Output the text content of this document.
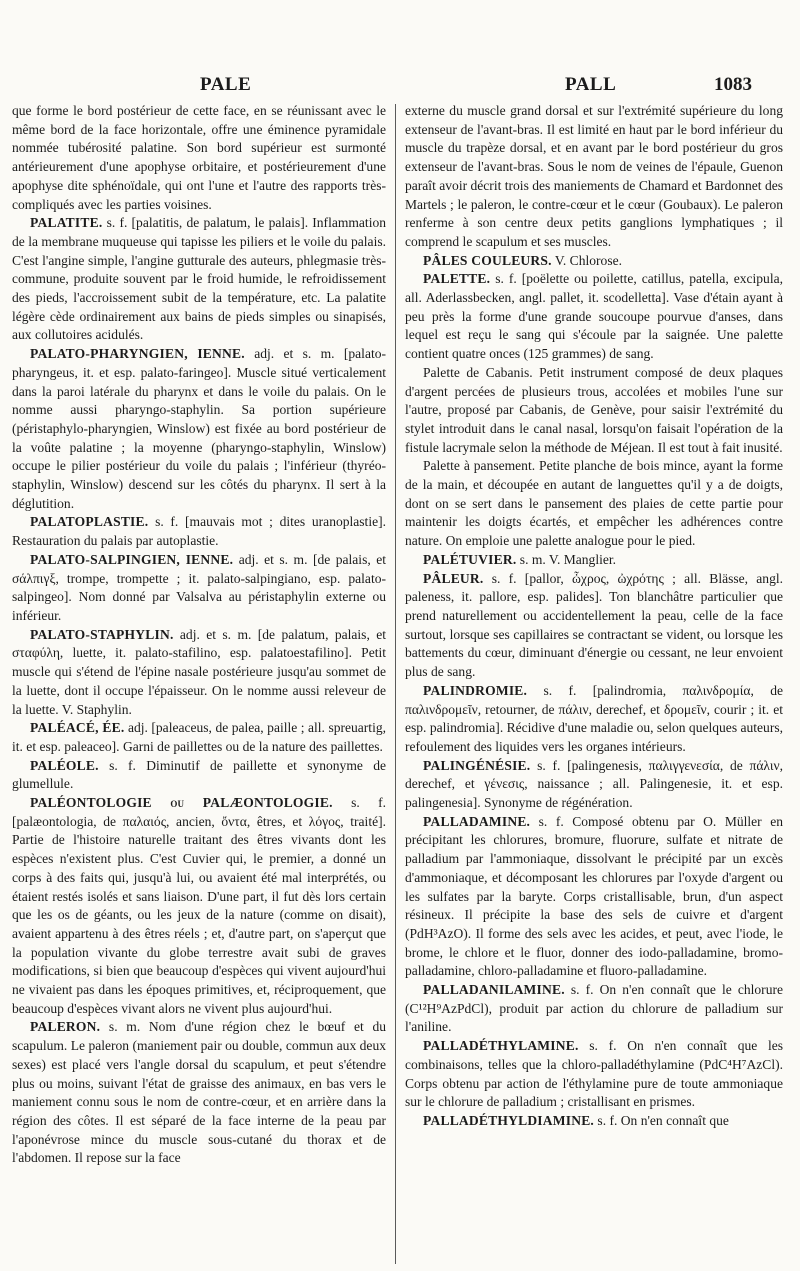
PALE	PALL	1083

que forme le bord postérieur de cette face, en se réunissant avec le même bord de la face horizontale, offre une éminence pyramidale nommée tubérosité palatine. Son bord supérieur est surmonté antérieurement d'une apophyse orbitaire, et postérieurement d'une apophyse dite sphénoïdale, qui ont l'une et l'autre des rapports très-compliqués avec les parties voisines.

PALATITE. s. f. [palatitis, de palatum, le palais]. Inflammation de la membrane muqueuse qui tapisse les piliers et le voile du palais. C'est l'angine simple, l'angine gutturale des auteurs, phlegmasie très-commune, produite souvent par le froid humide, le refroidissement des pieds, l'accroissement subit de la température, etc. La palatite légère cède ordinairement aux bains de pieds simples ou sinapisés, aux collutoires acidulés.

PALATO-PHARYNGIEN, IENNE. adj. et s. m. [palato-pharyngeus, it. et esp. palato-faringeo]. Muscle situé verticalement dans la paroi latérale du pharynx et dans le voile du palais. On le nomme aussi pharyngo-staphylin. Sa portion supérieure (péristaphylo-pharyngien, Winslow) est fixée au bord postérieur de la voûte palatine ; la moyenne (pharyngo-staphylin, Winslow) occupe le pilier postérieur du voile du palais ; l'inférieur (thyréo-staphylin, Winslow) descend sur les côtés du pharynx. Il sert à la déglutition.

PALATOPLASTIE. s. f. [mauvais mot ; dites uranoplastie]. Restauration du palais par autoplastie.

PALATO-SALPINGIEN, IENNE. adj. et s. m. [de palais, et σάλπιγξ, trompe, trompette ; it. palato-salpingiano, esp. palato-salpingeo]. Nom donné par Valsalva au péristaphylin externe ou inférieur.

PALATO-STAPHYLIN. adj. et s. m. [de palatum, palais, et σταφύλη, luette, it. palato-stafilino, esp. palatoestafilino]. Petit muscle qui s'étend de l'épine nasale postérieure jusqu'au sommet de la luette, dont il occupe l'épaisseur. On le nomme aussi releveur de la luette. V. Staphylin.

PALÉACÉ, ÉE. adj. [paleaceus, de palea, paille ; all. spreuartig, it. et esp. paleaceo]. Garni de paillettes ou de la nature des paillettes.

PALÉOLE. s. f. Diminutif de paillette et synonyme de glumellule.

PALÉONTOLOGIE ou PALÆONTOLOGIE. s. f. [palæontologia, de παλαιός, ancien, ὄντα, êtres, et λόγος, traité]. Partie de l'histoire naturelle traitant des êtres vivants dont les espèces n'existent plus. C'est Cuvier qui, le premier, a donné un corps à des faits qui, jusqu'à lui, ou avaient été mal interprétés, ou étaient restés isolés et sans liaison. D'une part, il fut dès lors certain que les os de géants, ou les jeux de la nature (comme on disait), avaient appartenu à des êtres réels ; et, d'autre part, on s'aperçut que la population vivante du globe terrestre avait subi de graves modifications, si bien que beaucoup d'espèces qui vivent aujourd'hui ne vivaient pas dans les époques primitives, et, réciproquement, que beaucoup d'espèces vivant alors ne vivent plus aujourd'hui.

PALERON. s. m. Nom d'une région chez le bœuf et du scapulum. Le paleron (maniement pair ou double, commun aux deux sexes) est placé vers l'angle dorsal du scapulum, et peut s'étendre plus ou moins, suivant l'état de graisse des animaux, en bas vers le maniement connu sous le nom de contre-cœur, et en arrière dans la région des côtes. Il est séparé de la face interne de la peau par l'aponévrose mince du muscle sous-cutané du thorax et de l'abdomen. Il repose sur la face

externe du muscle grand dorsal et sur l'extrémité supérieure du long extenseur de l'avant-bras. Il est limité en haut par le bord inférieur du muscle du trapèze dorsal, et en avant par le bord postérieur du gros extenseur de l'avant-bras. Sous le nom de veines de l'épaule, Guenon paraît avoir décrit trois des maniements de Chamard et Bardonnet des Martels ; le paleron, le contre-cœur et le cœur (Goubaux). Le paleron renferme à son centre deux petits ganglions lymphatiques ; il comprend le scapulum et ses muscles.

PÂLES COULEURS. V. Chlorose.

PALETTE. s. f. [poëlette ou poilette, catillus, patella, excipula, all. Aderlassbecken, angl. pallet, it. scodelletta]. Vase d'étain ayant à peu près la forme d'une grande soucoupe pourvue d'anses, dans lequel est reçu le sang qui s'écoule par la saignée. Une palette contient quatre onces (125 grammes) de sang.

Palette de Cabanis. Petit instrument composé de deux plaques d'argent percées de plusieurs trous, accolées et mobiles l'une sur l'autre, proposé par Cabanis, de Genève, pour saisir l'extrémité du stylet introduit dans le canal nasal, lorsqu'on faisait l'opération de la fistule lacrymale selon la méthode de Méjean. Il est tout à fait inusité.

Palette à pansement. Petite planche de bois mince, ayant la forme de la main, et découpée en autant de languettes qu'il y a de doigts, dont on se sert dans le pansement des plaies de cette partie pour maintenir les doigts écartés, et empêcher les adhérences contre nature. On emploie une palette analogue pour le pied.

PALÉTUVIER. s. m. V. Manglier.

PÂLEUR. s. f. [pallor, ὦχρος, ὠχρότης ; all. Blässe, angl. paleness, it. pallore, esp. palides]. Ton blanchâtre particulier que prend naturellement ou accidentellement la peau, celle de la face surtout, lorsque ses capillaires se contractant se vident, ou lorsque les battements du cœur, diminuant d'énergie ou cessant, ne leur envoient plus de sang.

PALINDROMIE. s. f. [palindromia, παλινδρομία, de παλινδρομεῖν, retourner, de πάλιν, derechef, et δρομεῖν, courir ; it. et esp. palindromia]. Récidive d'une maladie ou, selon quelques auteurs, refoulement des liquides vers les organes intérieurs.

PALINGÉNÉSIE. s. f. [palingenesis, παλιγγενεσία, de πάλιν, derechef, et γένεσις, naissance ; all. Palingenesie, it. et esp. palingenesia]. Synonyme de régénération.

PALLADAMINE. s. f. Composé obtenu par O. Müller en précipitant les chlorures, bromure, fluorure, sulfate et nitrate de palladium par l'ammoniaque, dissolvant le précipité par un excès d'ammoniaque, et décomposant les chlorures par l'oxyde d'argent ou les sulfates par la baryte. Corps cristallisable, brun, d'un aspect résineux. Il précipite la base des sels de cuivre et d'argent (PdH³AzO). Il forme des sels avec les acides, et peut, avec l'iode, le brome, le chlore et le fluor, donner des iodo-palladamine, bromo-palladamine, chloro-palladamine et fluoro-palladamine.

PALLADANILAMINE. s. f. On n'en connaît que le chlorure (C¹²H⁹AzPdCl), produit par action du chlorure de palladium sur l'aniline.

PALLADÉTHYLAMINE. s. f. On n'en connaît que les combinaisons, telles que la chloro-palladéthylamine (PdC⁴H⁷AzCl). Corps obtenu par action de l'éthylamine pure de toute ammoniaque sur le chlorure de palladium ; cristallisant en prismes.

PALLADÉTHYLDIAMINE. s. f. On n'en connaît que
